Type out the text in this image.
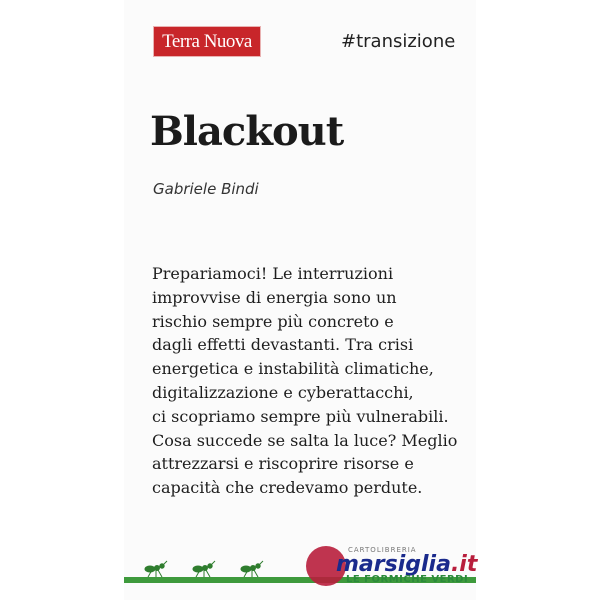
Terra Nuova	#transizione
Blackout
Gabriele Bindi
Prepariamoci! Le interruzioni
improvvise di energia sono un
rischio sempre più concreto e
dagli effetti devastanti. Tra crisi
energetica e instabilità climatiche,
digitalizzazione e cyberattacchi,
ci scopriamo sempre più vulnerabili.
Cosa succede se salta la luce? Meglio
attrezzarsi e riscoprire risorse e
capacità che credevamo perdute.
CARTOLIBRERIA
marsiglia.it
LE FORMICHE VERDI
